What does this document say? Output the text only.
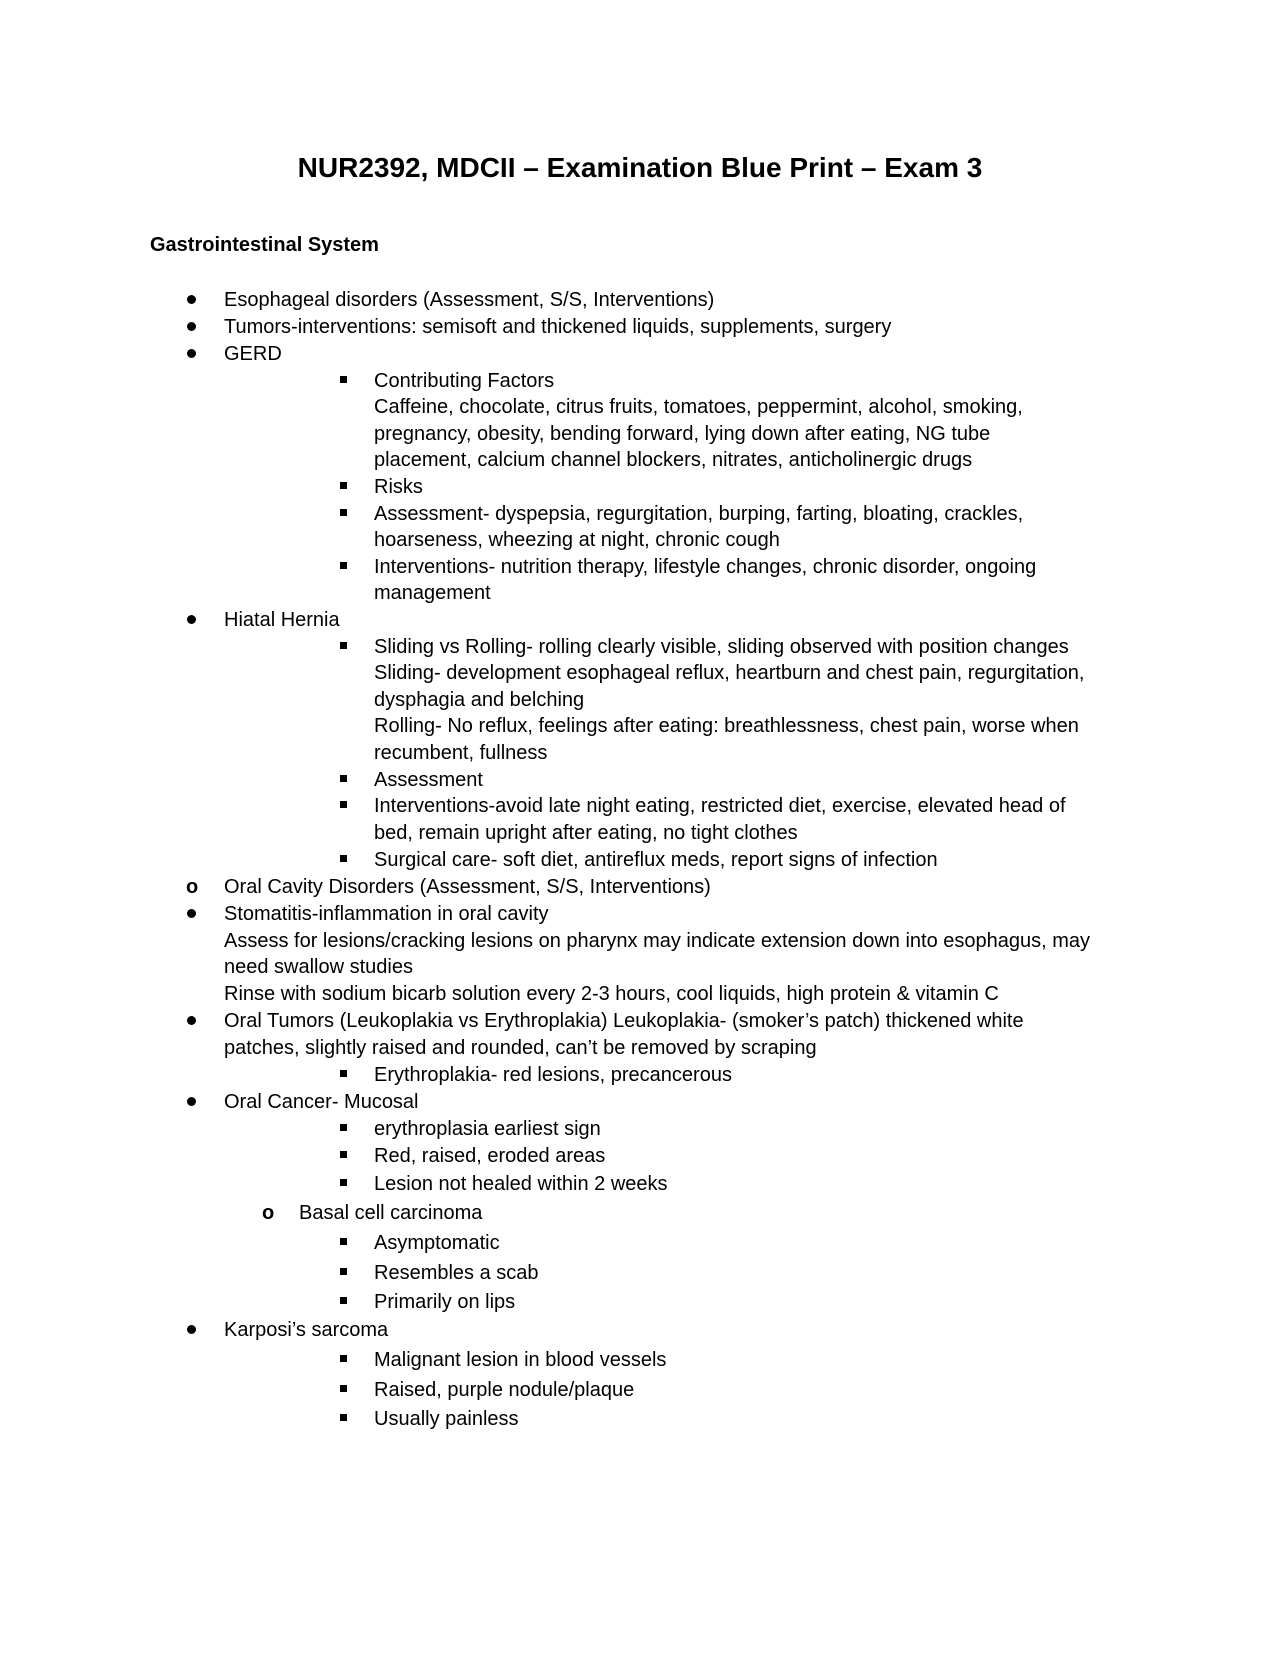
NUR2392, MDCII – Examination Blue Print – Exam 3
Gastrointestinal System
Esophageal disorders (Assessment, S/S, Interventions)
Tumors-interventions: semisoft and thickened liquids, supplements, surgery
GERD
Contributing Factors
Caffeine, chocolate, citrus fruits, tomatoes, peppermint, alcohol, smoking,
pregnancy, obesity, bending forward, lying down after eating, NG tube
placement, calcium channel blockers, nitrates, anticholinergic drugs
Risks
Assessment- dyspepsia, regurgitation, burping, farting, bloating, crackles,
hoarseness, wheezing at night, chronic cough
Interventions- nutrition therapy, lifestyle changes, chronic disorder, ongoing
management
Hiatal Hernia
Sliding vs Rolling- rolling clearly visible, sliding observed with position changes
Sliding- development esophageal reflux, heartburn and chest pain, regurgitation,
dysphagia and belching
Rolling- No reflux, feelings after eating: breathlessness, chest pain, worse when
recumbent, fullness
Assessment
Interventions-avoid late night eating, restricted diet, exercise, elevated head of
bed, remain upright after eating, no tight clothes
Surgical care- soft diet, antireflux meds, report signs of infection
o Oral Cavity Disorders (Assessment, S/S, Interventions)
Stomatitis-inflammation in oral cavity
Assess for lesions/cracking lesions on pharynx may indicate extension down into esophagus, may
need swallow studies
Rinse with sodium bicarb solution every 2-3 hours, cool liquids, high protein & vitamin C
Oral Tumors (Leukoplakia vs Erythroplakia) Leukoplakia- (smoker’s patch) thickened white
patches, slightly raised and rounded, can’t be removed by scraping
Erythroplakia- red lesions, precancerous
Oral Cancer- Mucosal
erythroplasia earliest sign
Red, raised, eroded areas
Lesion not healed within 2 weeks
o Basal cell carcinoma
Asymptomatic
Resembles a scab
Primarily on lips
Karposi’s sarcoma
Malignant lesion in blood vessels
Raised, purple nodule/plaque
Usually painless
